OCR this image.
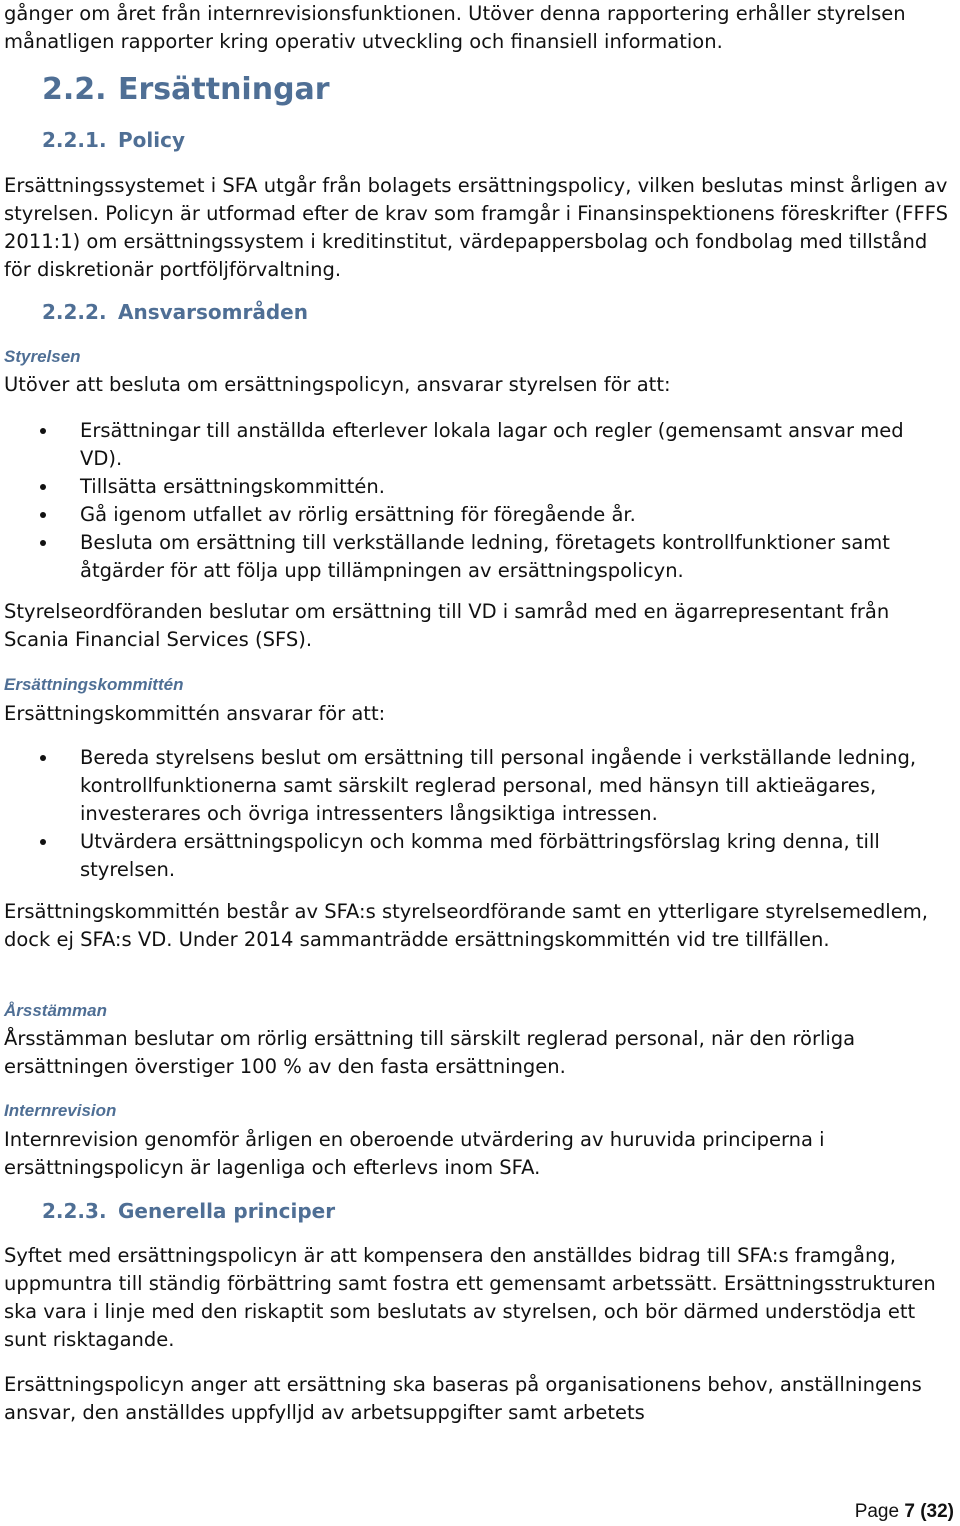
gånger om året från internrevisionsfunktionen. Utöver denna rapportering erhåller styrelsen månatligen rapporter kring operativ utveckling och finansiell information.

2.2. Ersättningar
2.2.1. Policy

Ersättningssystemet i SFA utgår från bolagets ersättningspolicy, vilken beslutas minst årligen av styrelsen. Policyn är utformad efter de krav som framgår i Finansinspektionens föreskrifter (FFFS 2011:1) om ersättningssystem i kreditinstitut, värdepappersbolag och fondbolag med tillstånd för diskretionär portföljförvaltning.

2.2.2. Ansvarsområden
Styrelsen

Utöver att besluta om ersättningspolicyn, ansvarar styrelsen för att:

Ersättningar till anställda efterlever lokala lagar och regler (gemensamt ansvar med VD).
Tillsätta ersättningskommittén.
Gå igenom utfallet av rörlig ersättning för föregående år.
Besluta om ersättning till verkställande ledning, företagets kontrollfunktioner samt åtgärder för att följa upp tillämpningen av ersättningspolicyn.

Styrelseordföranden beslutar om ersättning till VD i samråd med en ägarrepresentant från Scania Financial Services (SFS).

Ersättningskommittén

Ersättningskommittén ansvarar för att:

Bereda styrelsens beslut om ersättning till personal ingående i verkställande ledning, kontrollfunktionerna samt särskilt reglerad personal, med hänsyn till aktieägares, investerares och övriga intressenters långsiktiga intressen.
Utvärdera ersättningspolicyn och komma med förbättringsförslag kring denna, till styrelsen.

Ersättningskommittén består av SFA:s styrelseordförande samt en ytterligare styrelsemedlem, dock ej SFA:s VD. Under 2014 sammanträdde ersättningskommittén vid tre tillfällen.

Årsstämman

Årsstämman beslutar om rörlig ersättning till särskilt reglerad personal, när den rörliga ersättningen överstiger 100 % av den fasta ersättningen.

Internrevision

Internrevision genomför årligen en oberoende utvärdering av huruvida principerna i ersättningspolicyn är lagenliga och efterlevs inom SFA.

2.2.3. Generella principer

Syftet med ersättningspolicyn är att kompensera den anställdes bidrag till SFA:s framgång, uppmuntra till ständig förbättring samt fostra ett gemensamt arbetssätt. Ersättningsstrukturen ska vara i linje med den riskaptit som beslutats av styrelsen, och bör därmed understödja ett sunt risktagande.

Ersättningspolicyn anger att ersättning ska baseras på organisationens behov, anställningens ansvar, den anställdes uppfylljd av arbetsuppgifter samt arbetets

Page 7 (32)
